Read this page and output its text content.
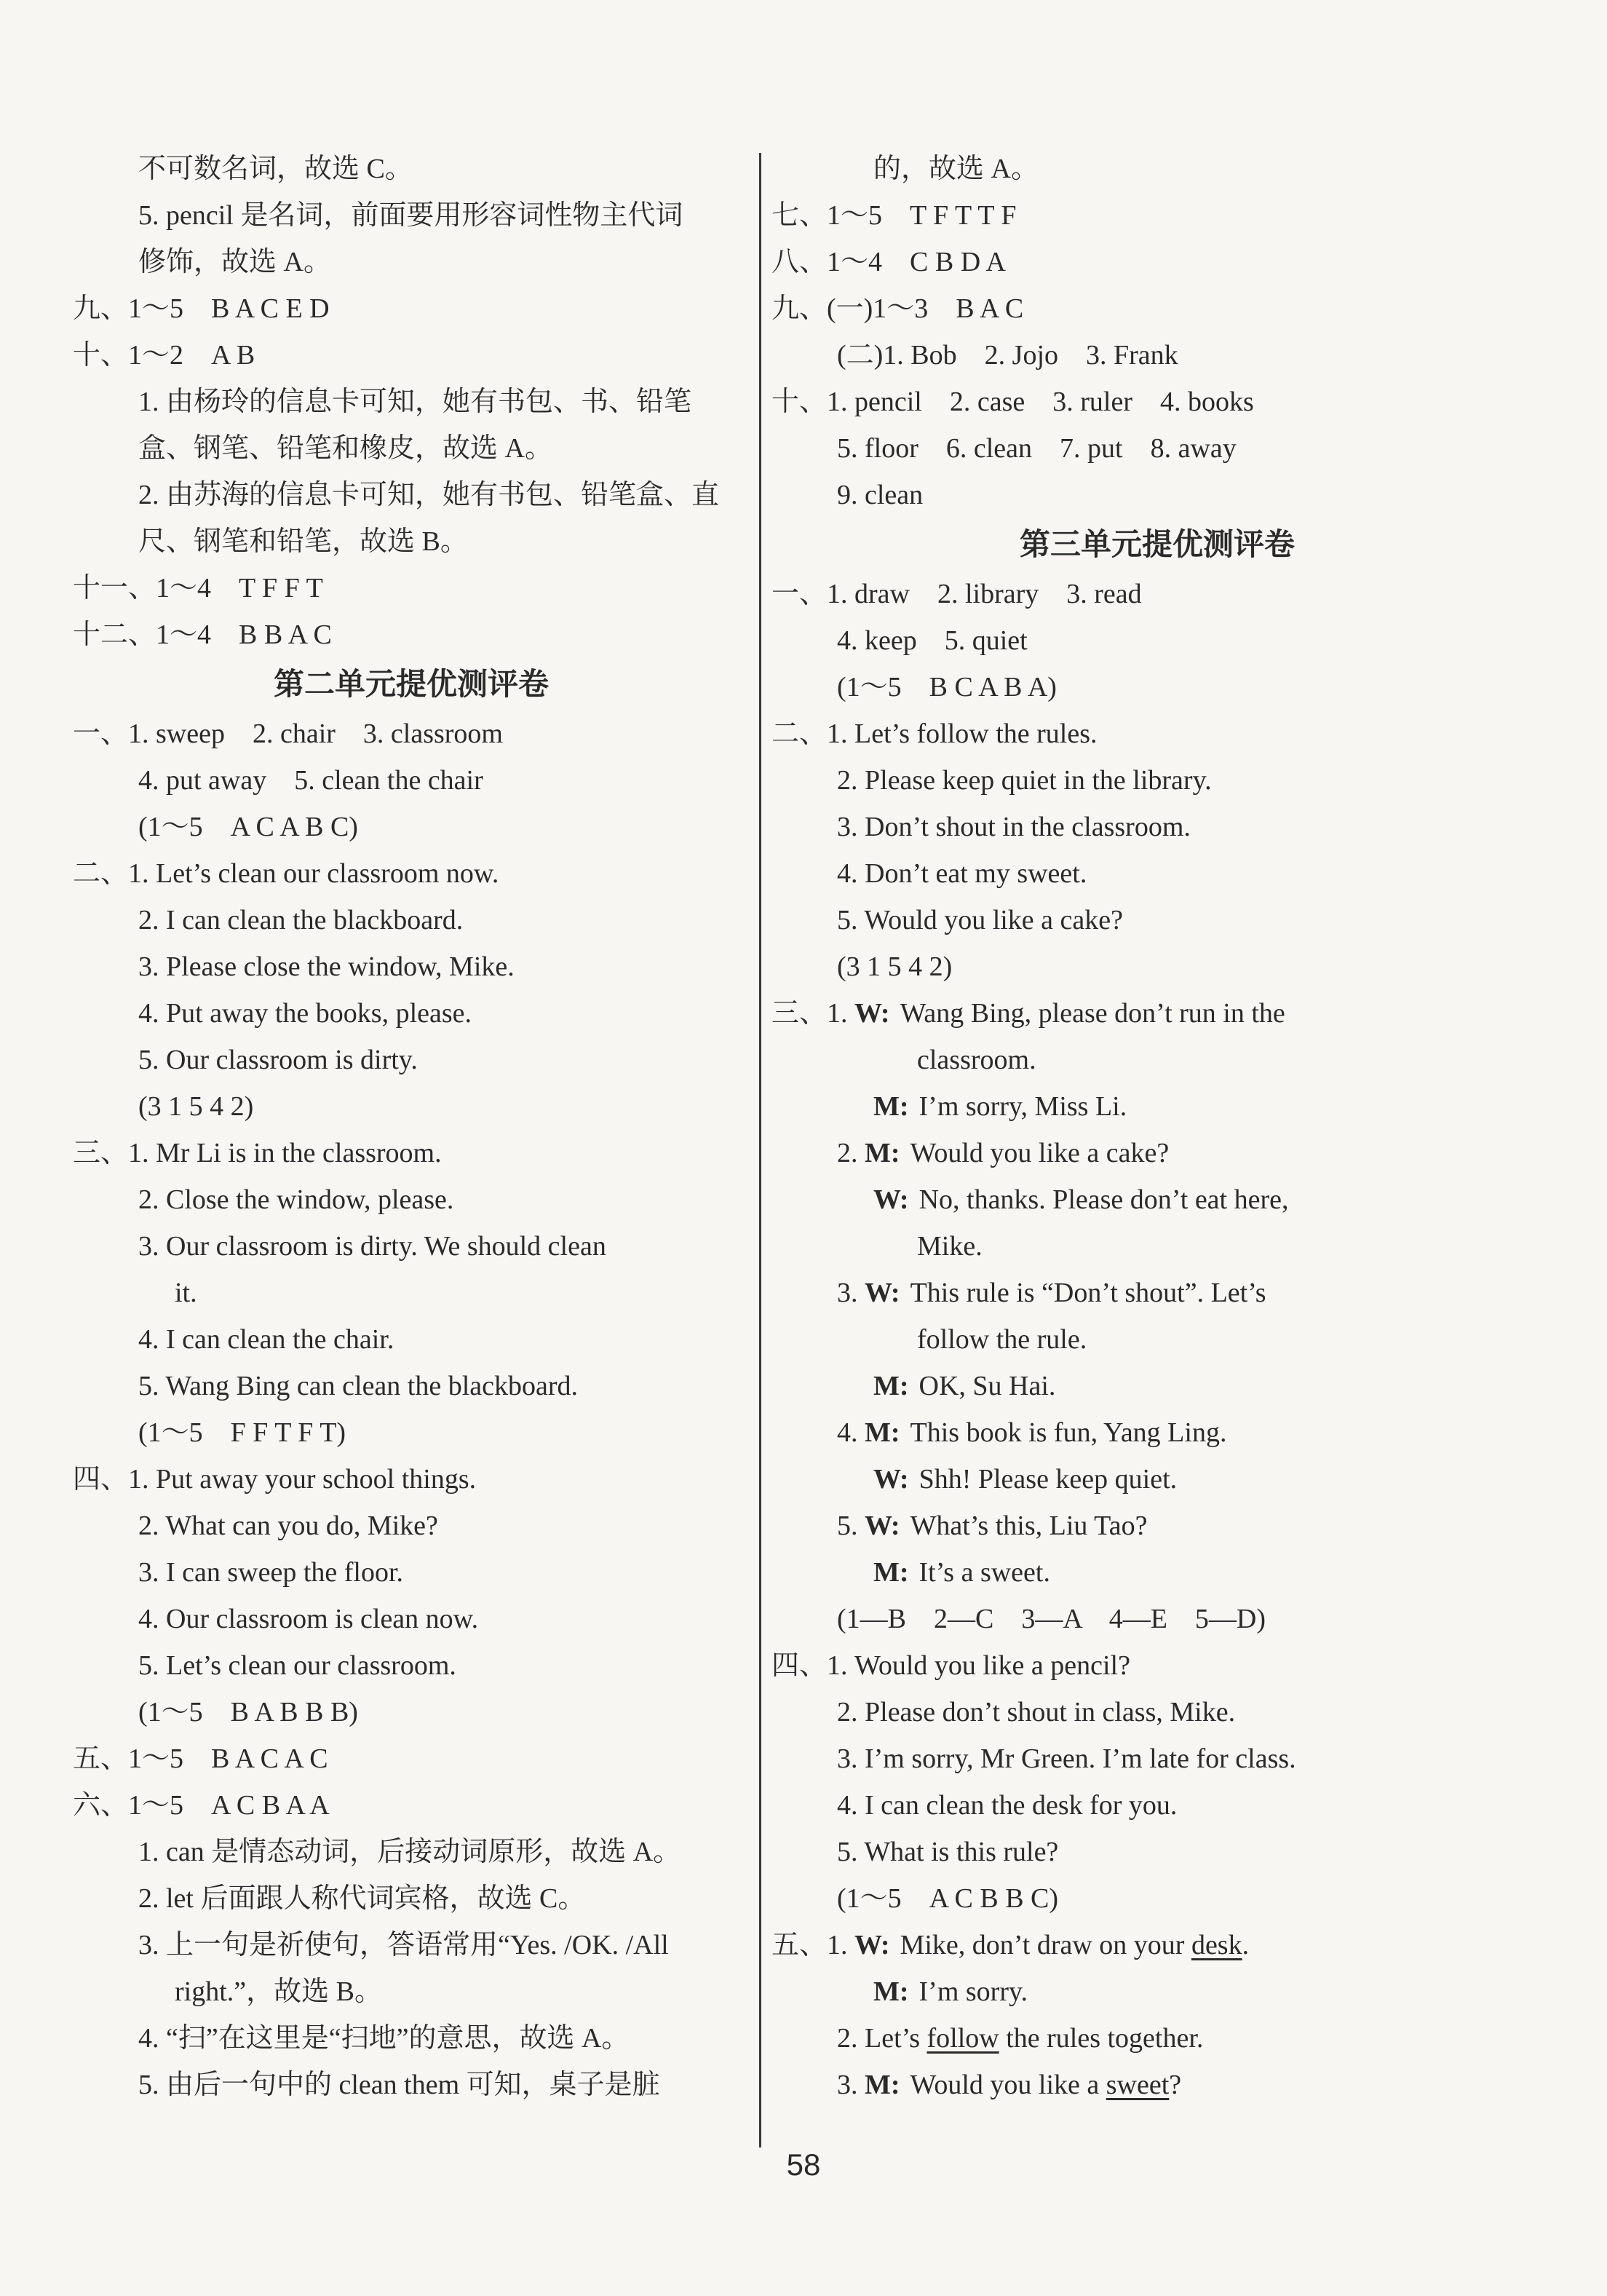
不可数名词，故选 C。
5. pencil 是名词，前面要用形容词性物主代词
修饰，故选 A。
九、1～5　B A C E D
十、1～2　A B
1. 由杨玲的信息卡可知，她有书包、书、铅笔
盒、钢笔、铅笔和橡皮，故选 A。
2. 由苏海的信息卡可知，她有书包、铅笔盒、直
尺、钢笔和铅笔，故选 B。
十一、1～4　T F F T
十二、1～4　B B A C
第二单元提优测评卷
一、1. sweep　2. chair　3. classroom
4. put away　5. clean the chair
(1～5　A C A B C)
二、1. Let’s clean our classroom now.
2. I can clean the blackboard.
3. Please close the window, Mike.
4. Put away the books, please.
5. Our classroom is dirty.
(3 1 5 4 2)
三、1. Mr Li is in the classroom.
2. Close the window, please.
3. Our classroom is dirty. We should clean
it.
4. I can clean the chair.
5. Wang Bing can clean the blackboard.
(1～5　F F T F T)
四、1. Put away your school things.
2. What can you do, Mike?
3. I can sweep the floor.
4. Our classroom is clean now.
5. Let’s clean our classroom.
(1～5　B A B B B)
五、1～5　B A C A C
六、1～5　A C B A A
1. can 是情态动词，后接动词原形，故选 A。
2. let 后面跟人称代词宾格，故选 C。
3. 上一句是祈使句，答语常用“Yes. /OK. /All
right.”，故选 B。
4. “扫”在这里是“扫地”的意思，故选 A。
5. 由后一句中的 clean them 可知，桌子是脏
的，故选 A。
七、1～5　T F T T F
八、1～4　C B D A
九、(一)1～3　B A C
(二)1. Bob　2. Jojo　3. Frank
十、1. pencil　2. case　3. ruler　4. books
5. floor　6. clean　7. put　8. away
9. clean
第三单元提优测评卷
一、1. draw　2. library　3. read
4. keep　5. quiet
(1～5　B C A B A)
二、1. Let’s follow the rules.
2. Please keep quiet in the library.
3. Don’t shout in the classroom.
4. Don’t eat my sweet.
5. Would you like a cake?
(3 1 5 4 2)
三、1. W: Wang Bing, please don’t run in the
classroom.
M: I’m sorry, Miss Li.
2. M: Would you like a cake?
W: No, thanks. Please don’t eat here,
Mike.
3. W: This rule is “Don’t shout”. Let’s
follow the rule.
M: OK, Su Hai.
4. M: This book is fun, Yang Ling.
W: Shh! Please keep quiet.
5. W: What’s this, Liu Tao?
M: It’s a sweet.
(1—B　2—C　3—A　4—E　5—D)
四、1. Would you like a pencil?
2. Please don’t shout in class, Mike.
3. I’m sorry, Mr Green. I’m late for class.
4. I can clean the desk for you.
5. What is this rule?
(1～5　A C B B C)
五、1. W: Mike, don’t draw on your desk.
M: I’m sorry.
2. Let’s follow the rules together.
3. M: Would you like a sweet?
58
